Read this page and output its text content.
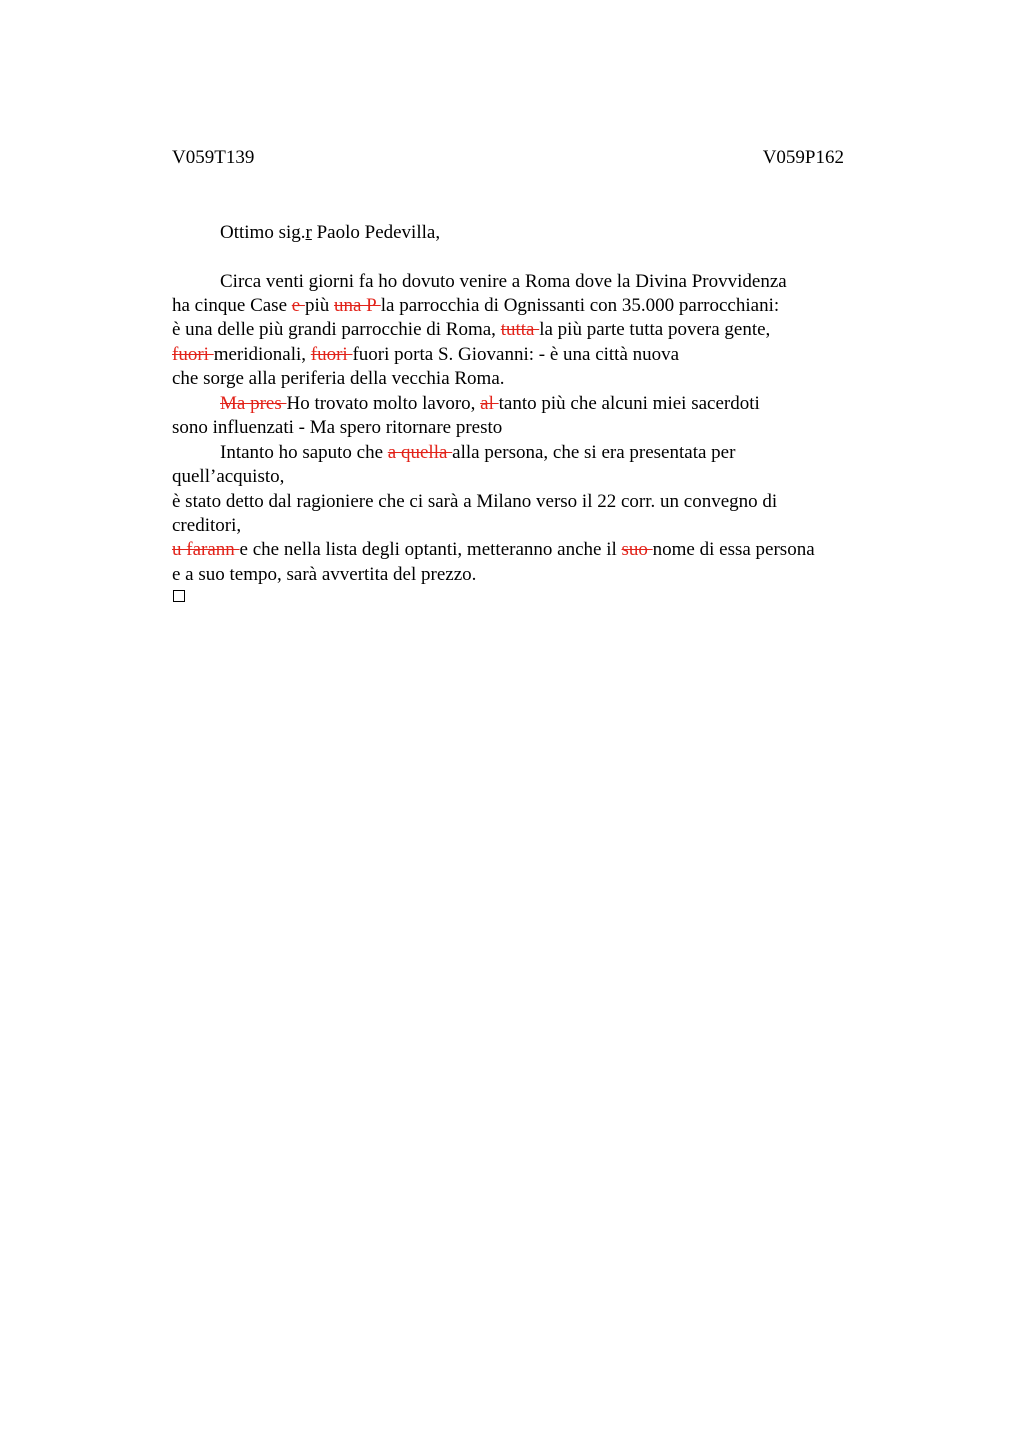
V059T139	V059P162
Ottimo sig.r Paolo Pedevilla,
Circa venti giorni fa ho dovuto venire a Roma dove la Divina Provvidenza
ha cinque Case e più una P la parrocchia di Ognissanti con 35.000 parrocchiani:
è una delle più grandi parrocchie di Roma, tutta la più parte tutta povera gente,
fuori meridionali, fuori fuori porta S. Giovanni: - è una città nuova
che sorge alla periferia della vecchia Roma.
Ma pres Ho trovato molto lavoro, al tanto più che alcuni miei sacerdoti
sono influenzati - Ma spero ritornare presto
Intanto ho saputo che a quella alla persona, che si era presentata per
quell’acquisto,
è stato detto dal ragioniere che ci sarà a Milano verso il 22 corr. un convegno di
creditori,
u farann e che nella lista degli optanti, metteranno anche il suo nome di essa persona
e a suo tempo, sarà avvertita del prezzo.
